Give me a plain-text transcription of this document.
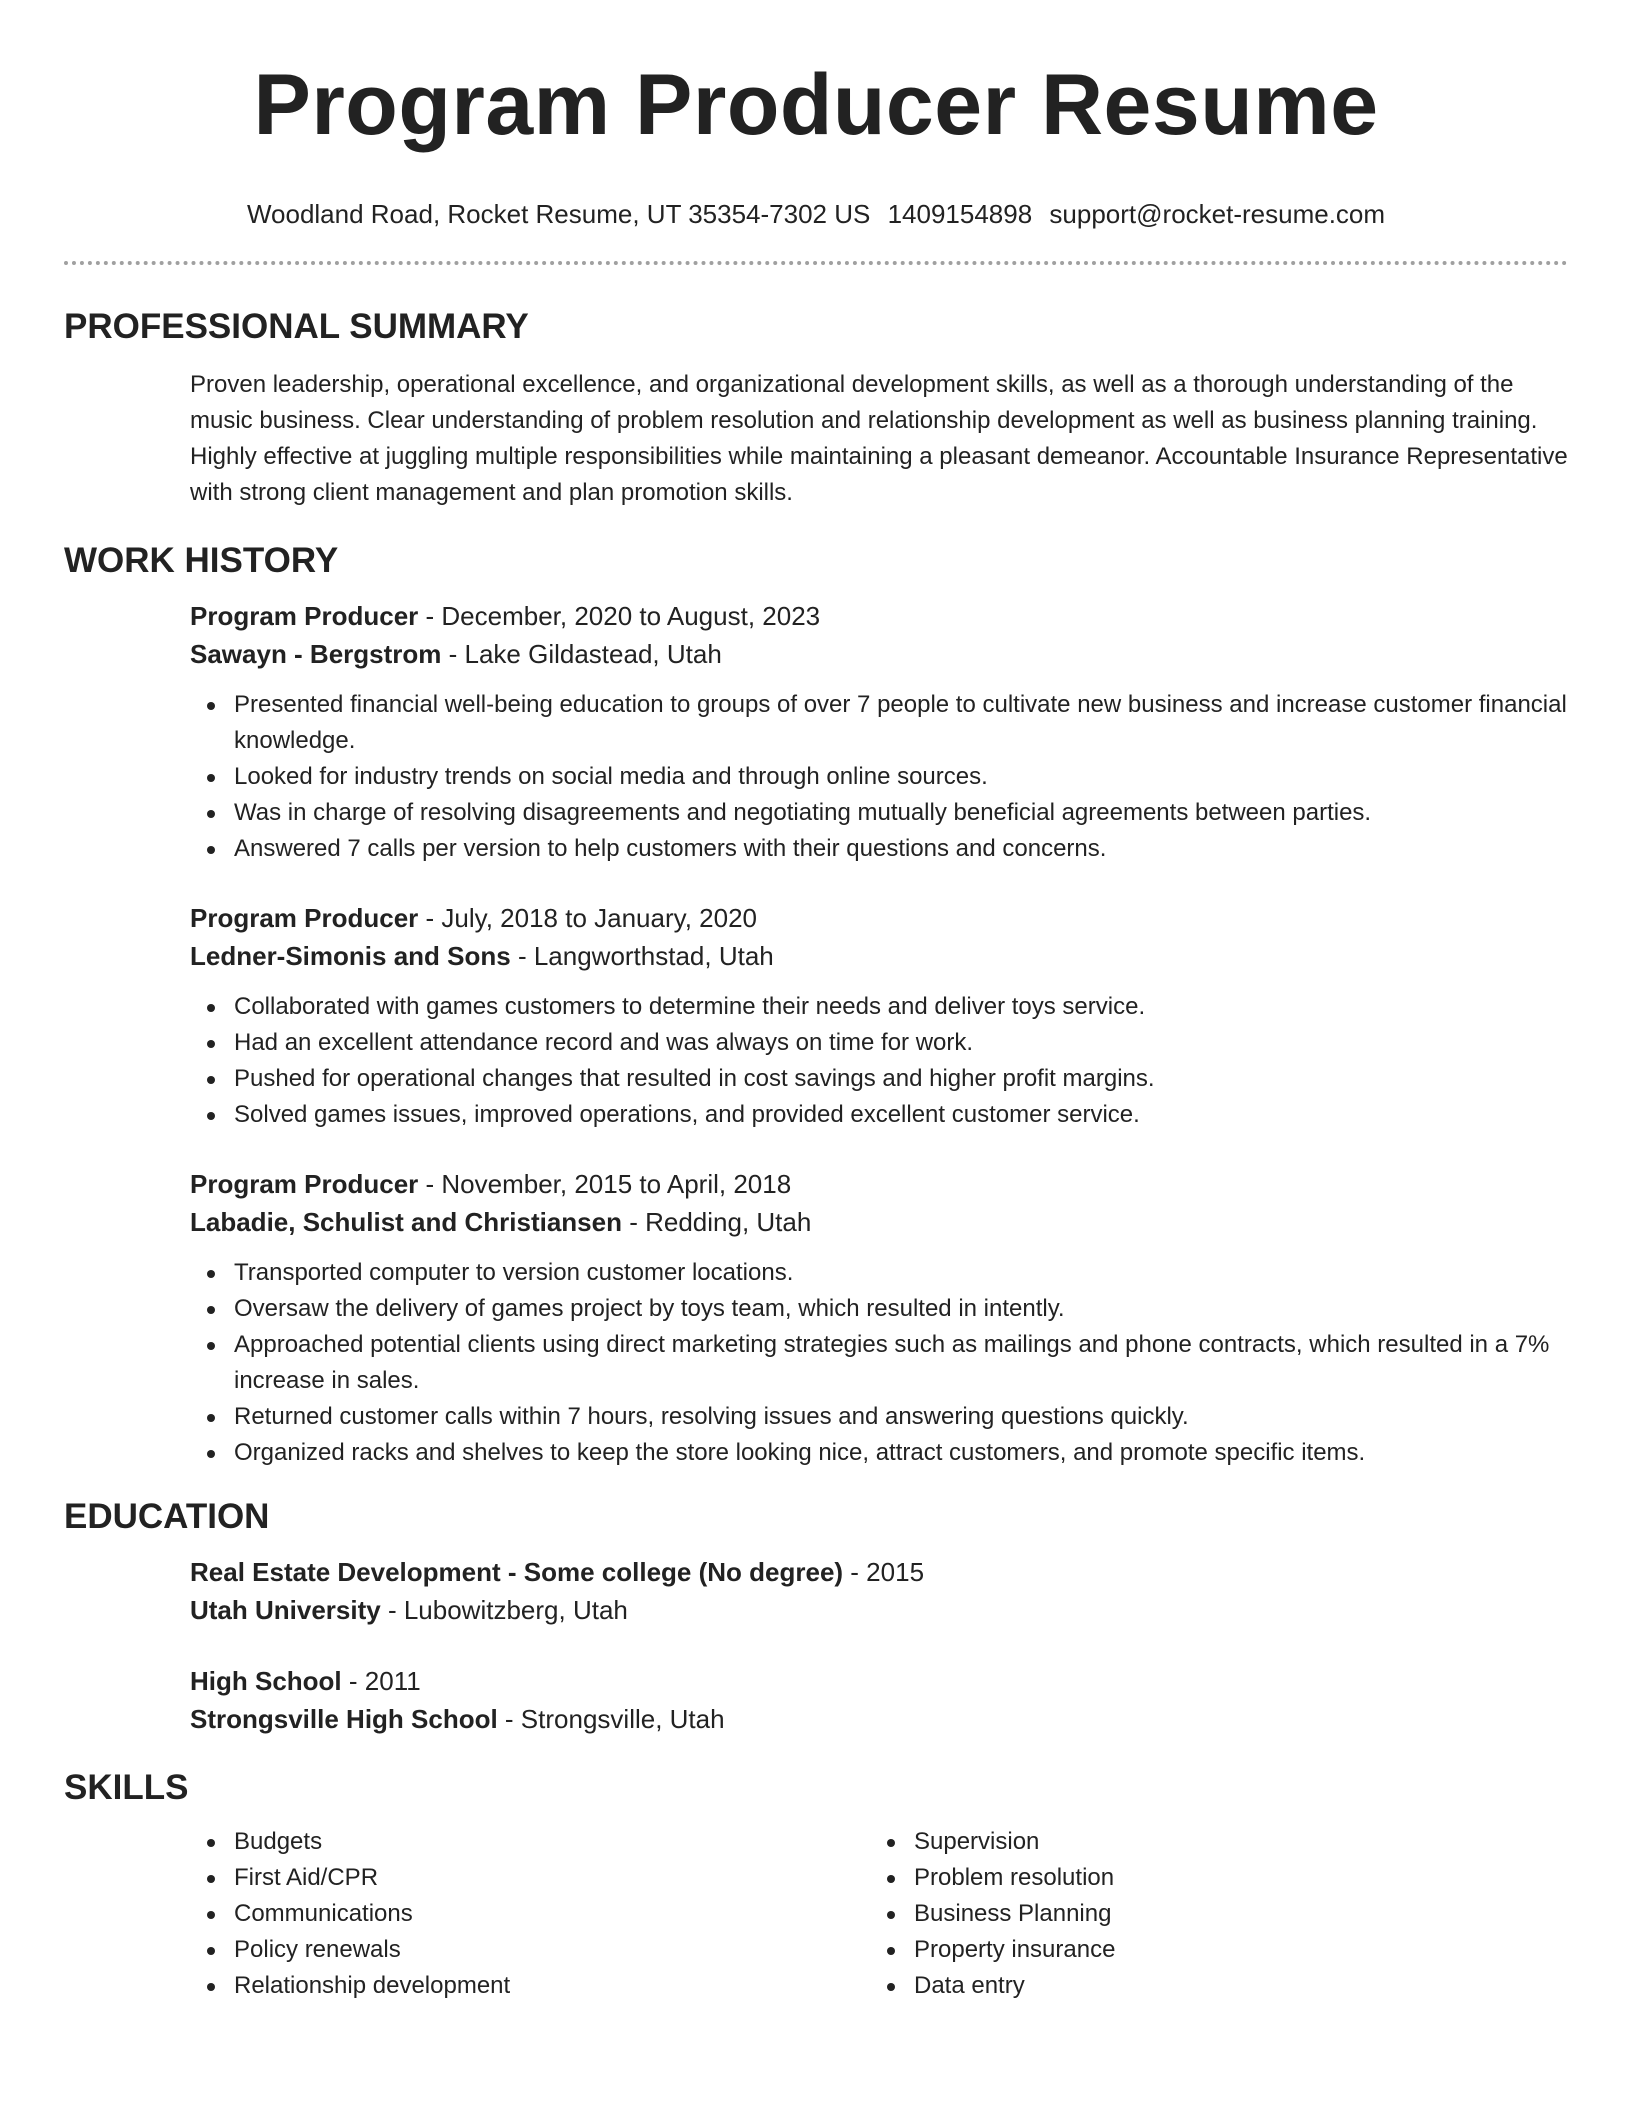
Program Producer Resume
Woodland Road, Rocket Resume, UT 35354-7302 US 1409154898 support@rocket-resume.com
PROFESSIONAL SUMMARY

Proven leadership, operational excellence, and organizational development skills, as well as a thorough understanding of the music business. Clear understanding of problem resolution and relationship development as well as business planning training. Highly effective at juggling multiple responsibilities while maintaining a pleasant demeanor. Accountable Insurance Representative with strong client management and plan promotion skills.

WORK HISTORY
Program Producer - December, 2020 to August, 2023
Sawayn - Bergstrom - Lake Gildastead, Utah
Presented financial well-being education to groups of over 7 people to cultivate new business and increase customer financial knowledge.
Looked for industry trends on social media and through online sources.
Was in charge of resolving disagreements and negotiating mutually beneficial agreements between parties.
Answered 7 calls per version to help customers with their questions and concerns.
Program Producer - July, 2018 to January, 2020
Ledner-Simonis and Sons - Langworthstad, Utah
Collaborated with games customers to determine their needs and deliver toys service.
Had an excellent attendance record and was always on time for work.
Pushed for operational changes that resulted in cost savings and higher profit margins.
Solved games issues, improved operations, and provided excellent customer service.
Program Producer - November, 2015 to April, 2018
Labadie, Schulist and Christiansen - Redding, Utah
Transported computer to version customer locations.
Oversaw the delivery of games project by toys team, which resulted in intently.
Approached potential clients using direct marketing strategies such as mailings and phone contracts, which resulted in a 7% increase in sales.
Returned customer calls within 7 hours, resolving issues and answering questions quickly.
Organized racks and shelves to keep the store looking nice, attract customers, and promote specific items.
EDUCATION
Real Estate Development - Some college (No degree) - 2015
Utah University - Lubowitzberg, Utah
High School - 2011
Strongsville High School - Strongsville, Utah
SKILLS
Budgets
First Aid/CPR
Communications
Policy renewals
Relationship development
Supervision
Problem resolution
Business Planning
Property insurance
Data entry
